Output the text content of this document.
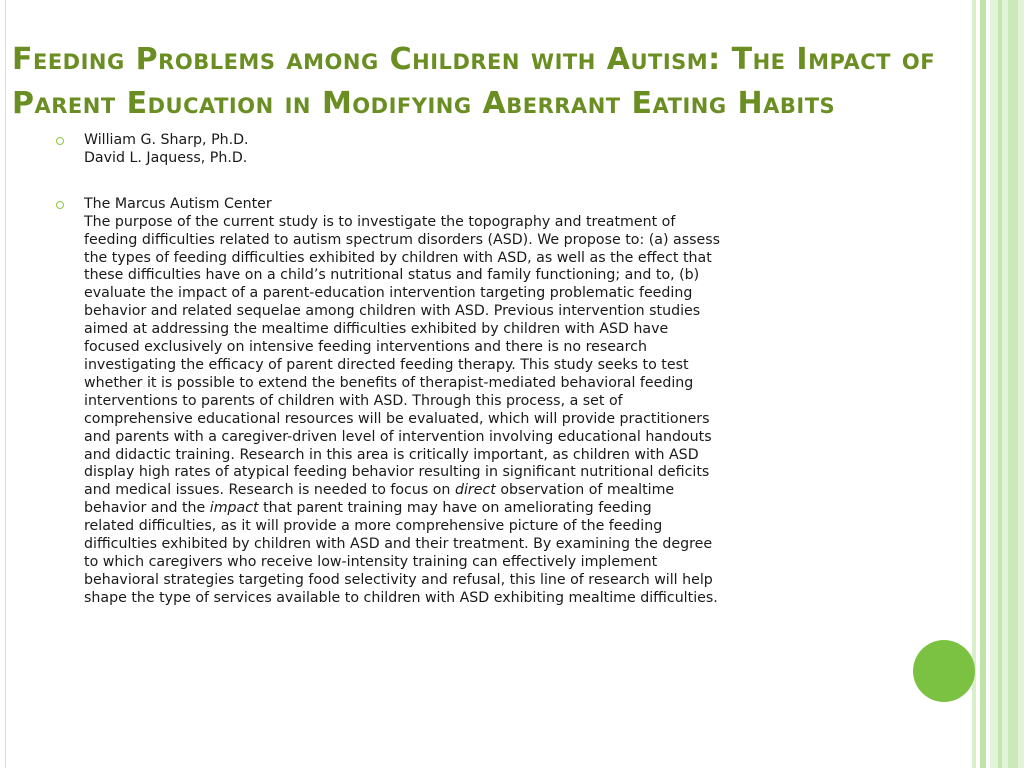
Feeding Problems among Children with Autism: The Impact of
Parent Education in Modifying Aberrant Eating Habits
William G. Sharp, Ph.D.
David L. Jaquess, Ph.D.
The Marcus Autism Center
The purpose of the current study is to investigate the topography and treatment of
feeding difficulties related to autism spectrum disorders (ASD). We propose to: (a) assess
the types of feeding difficulties exhibited by children with ASD, as well as the effect that
these difficulties have on a child’s nutritional status and family functioning; and to, (b)
evaluate the impact of a parent-education intervention targeting problematic feeding
behavior and related sequelae among children with ASD. Previous intervention studies
aimed at addressing the mealtime difficulties exhibited by children with ASD have
focused exclusively on intensive feeding interventions and there is no research
investigating the efficacy of parent directed feeding therapy. This study seeks to test
whether it is possible to extend the benefits of therapist-mediated behavioral feeding
interventions to parents of children with ASD. Through this process, a set of
comprehensive educational resources will be evaluated, which will provide practitioners
and parents with a caregiver-driven level of intervention involving educational handouts
and didactic training. Research in this area is critically important, as children with ASD
display high rates of atypical feeding behavior resulting in significant nutritional deficits
and medical issues. Research is needed to focus on direct observation of mealtime
behavior and the impact that parent training may have on ameliorating feeding
related difficulties, as it will provide a more comprehensive picture of the feeding
difficulties exhibited by children with ASD and their treatment. By examining the degree
to which caregivers who receive low-intensity training can effectively implement
behavioral strategies targeting food selectivity and refusal, this line of research will help
shape the type of services available to children with ASD exhibiting mealtime difficulties.
